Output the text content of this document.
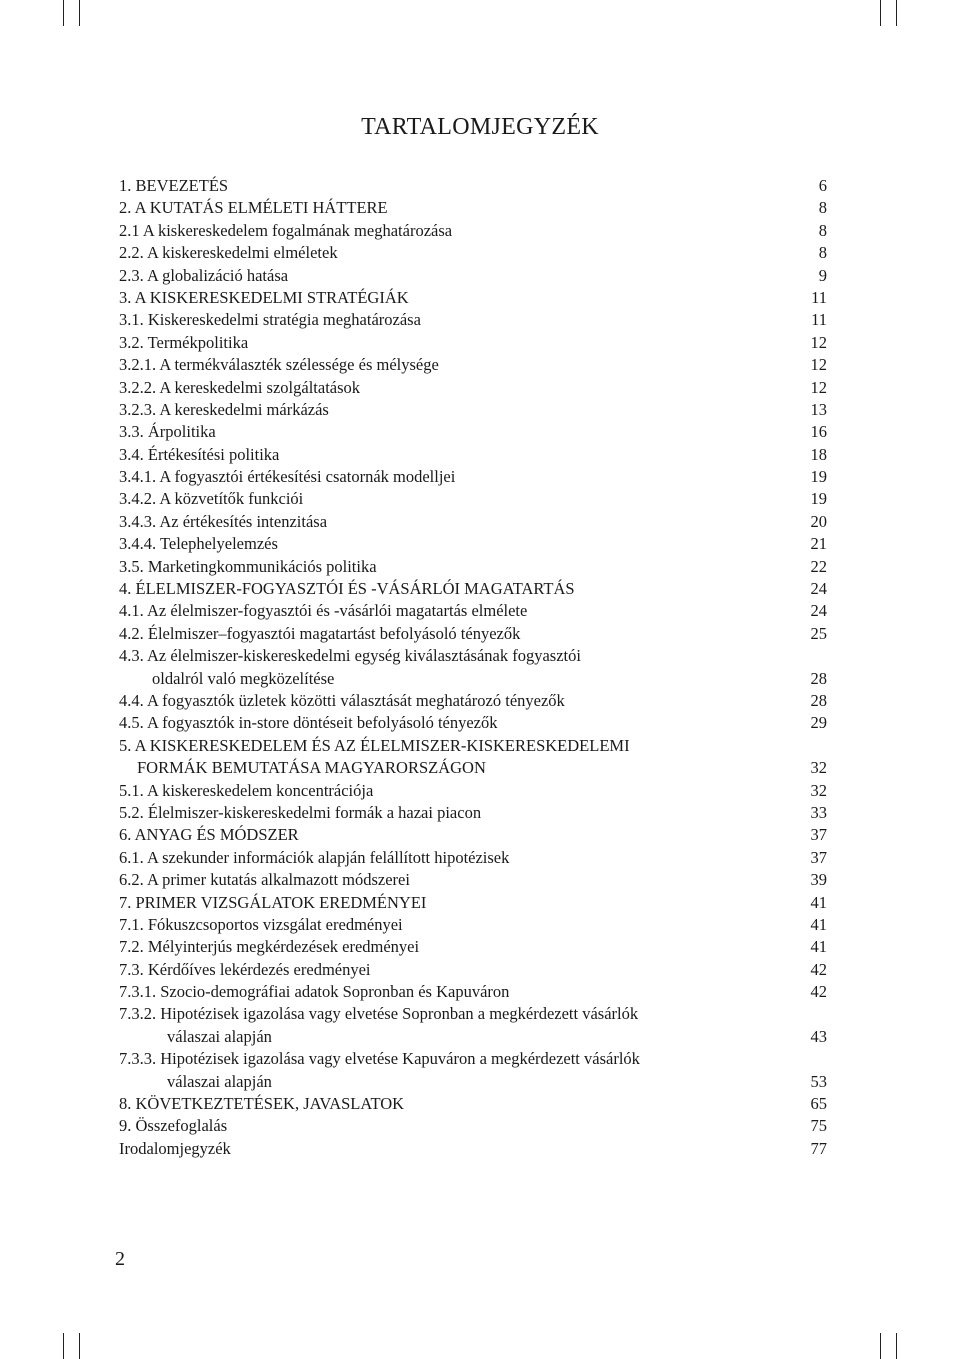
TARTALOMJEGYZÉK
1. BEVEZETÉS	6
2. A KUTATÁS ELMÉLETI HÁTTERE	8
2.1 A kiskereskedelem fogalmának meghatározása	8
2.2. A kiskereskedelmi elméletek	8
2.3. A globalizáció hatása	9
3. A KISKERESKEDELMI STRATÉGIÁK	11
3.1. Kiskereskedelmi stratégia meghatározása	11
3.2. Termékpolitika	12
3.2.1. A termékválaszték szélessége és mélysége	12
3.2.2. A kereskedelmi szolgáltatások	12
3.2.3. A kereskedelmi márkázás	13
3.3. Árpolitika	16
3.4. Értékesítési politika	18
3.4.1. A fogyasztói értékesítési csatornák modelljei	19
3.4.2. A közvetítők funkciói	19
3.4.3. Az értékesítés intenzitása	20
3.4.4. Telephelyelemzés	21
3.5. Marketingkommunikációs politika	22
4. ÉLELMISZER-FOGYASZTÓI ÉS -VÁSÁRLÓI MAGATARTÁS	24
4.1. Az élelmiszer-fogyasztói és -vásárlói magatartás elmélete	24
4.2. Élelmiszer–fogyasztói magatartást befolyásoló tényezők	25
4.3. Az élelmiszer-kiskereskedelmi egység kiválasztásának fogyasztói
oldalról való megközelítése	28
4.4. A fogyasztók üzletek közötti választását meghatározó tényezők	28
4.5. A fogyasztók in-store döntéseit befolyásoló tényezők	29
5. A KISKERESKEDELEM ÉS AZ ÉLELMISZER-KISKERESKEDELEMI
FORMÁK BEMUTATÁSA MAGYARORSZÁGON	32
5.1. A kiskereskedelem koncentrációja	32
5.2. Élelmiszer-kiskereskedelmi formák a hazai piacon	33
6. ANYAG ÉS MÓDSZER	37
6.1. A szekunder információk alapján felállított hipotézisek	37
6.2. A primer kutatás alkalmazott módszerei	39
7. PRIMER VIZSGÁLATOK EREDMÉNYEI	41
7.1. Fókuszcsoportos vizsgálat eredményei	41
7.2. Mélyinterjús megkérdezések eredményei	41
7.3. Kérdőíves lekérdezés eredményei	42
7.3.1. Szocio-demográfiai adatok Sopronban és Kapuváron	42
7.3.2. Hipotézisek igazolása vagy elvetése Sopronban a megkérdezett vásárlók
válaszai alapján	43
7.3.3. Hipotézisek igazolása vagy elvetése Kapuváron a megkérdezett vásárlók
válaszai alapján	53
8. KÖVETKEZTETÉSEK, JAVASLATOK	65
9. Összefoglalás	75
Irodalomjegyzék	77
2
